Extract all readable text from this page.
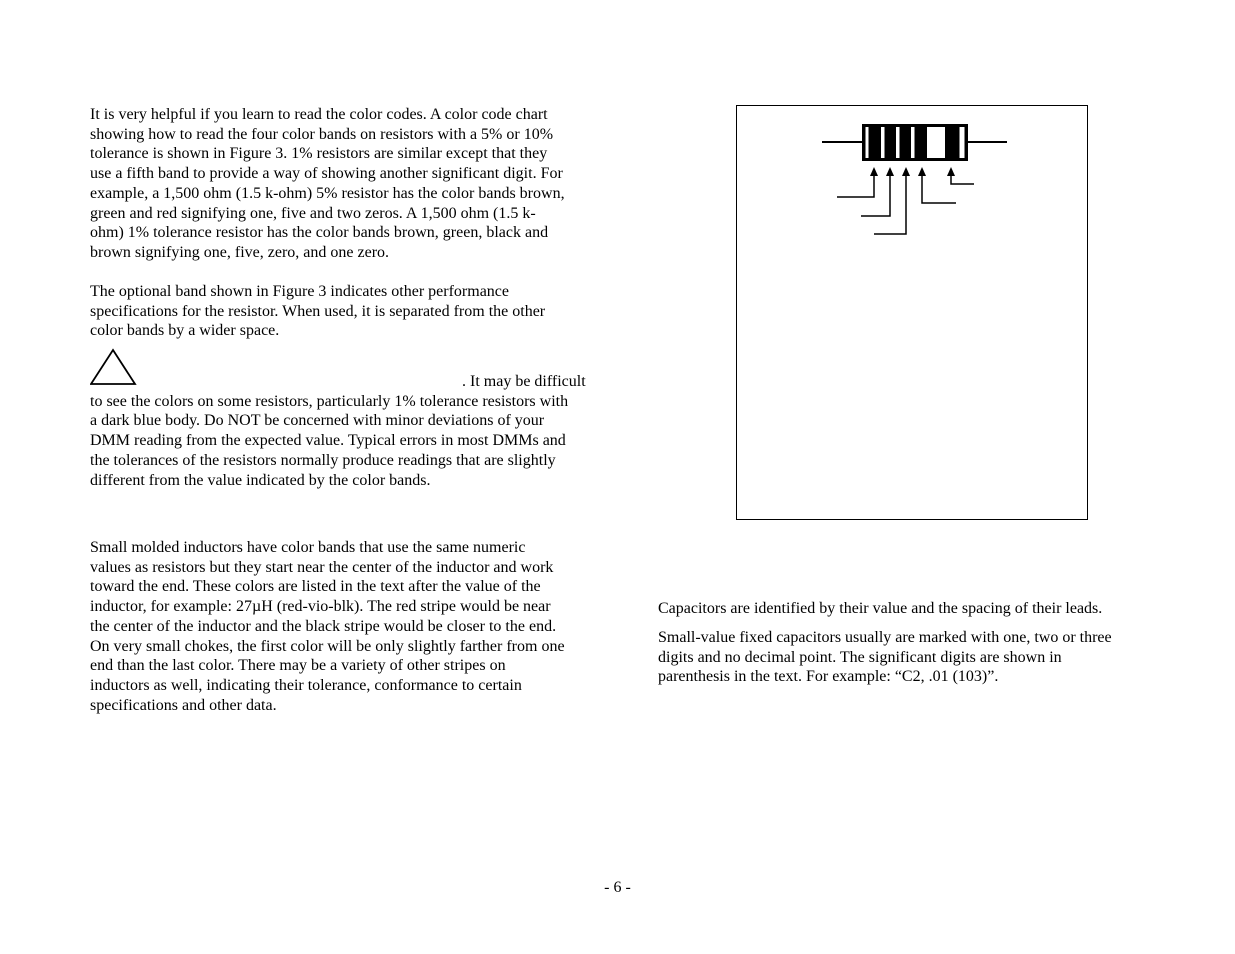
It is very helpful if you learn to read the color codes. A color code chart
showing how to read the four color bands on resistors with a 5% or 10%
tolerance is shown in Figure 3. 1% resistors are similar except that they
use a fifth band to provide a way of showing another significant digit. For
example, a 1,500 ohm (1.5 k-ohm) 5% resistor has the color bands brown,
green and red signifying one, five and two zeros. A 1,500 ohm (1.5 k-
ohm) 1% tolerance resistor has the color bands brown, green, black and
brown signifying one, five, zero, and one zero.

The optional band shown in Figure 3 indicates other performance
specifications for the resistor. When used, it is separated from the other
color bands by a wider space.

. It may be difficult
to see the colors on some resistors, particularly 1% tolerance resistors with
a dark blue body. Do NOT be concerned with minor deviations of your
DMM reading from the expected value. Typical errors in most DMMs and
the tolerances of the resistors normally produce readings that are slightly
different from the value indicated by the color bands.

Small molded inductors have color bands that use the same numeric
values as resistors but they start near the center of the inductor and work
toward the end. These colors are listed in the text after the value of the
inductor, for example: 27µH (red-vio-blk). The red stripe would be near
the center of the inductor and the black stripe would be closer to the end.
On very small chokes, the first color will be only slightly farther from one
end than the last color. There may be a variety of other stripes on
inductors as well, indicating their tolerance, conformance to certain
specifications and other data.

Capacitors are identified by their value and the spacing of their leads.

Small-value fixed capacitors usually are marked with one, two or three
digits and no decimal point. The significant digits are shown in
parenthesis in the text. For example: “C2, .01 (103)”.

- 6 -
